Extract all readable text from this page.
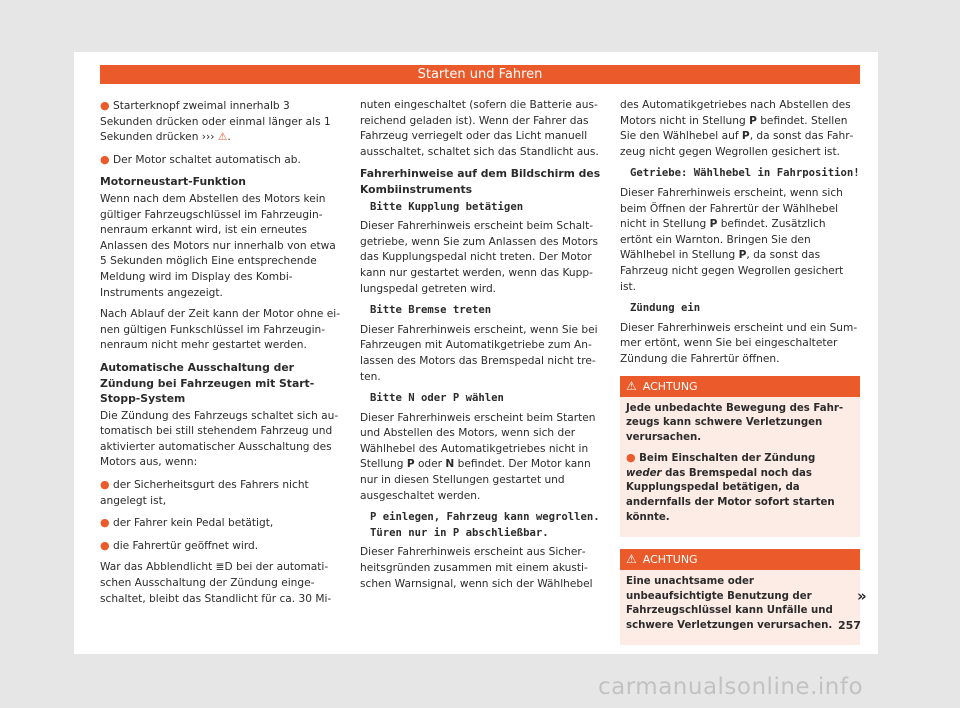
Starten und Fahren

● Starterknopf zweimal innerhalb 3 Sekunden drücken oder einmal länger als 1 Sekunden drücken ››› ⚠.

● Der Motor schaltet automatisch ab.

Motorneustart-Funktion

Wenn nach dem Abstellen des Motors kein gültiger Fahrzeugschlüssel im Fahrzeuginnenraum erkannt wird, ist ein erneutes Anlassen des Motors nur innerhalb von etwa 5 Sekunden möglich Eine entsprechende Meldung wird im Display des Kombi-Instruments angezeigt.

Nach Ablauf der Zeit kann der Motor ohne einen gültigen Funkschlüssel im Fahrzeuginnenraum nicht mehr gestartet werden.

Automatische Ausschaltung der Zündung bei Fahrzeugen mit Start-Stopp-System

Die Zündung des Fahrzeugs schaltet sich automatisch bei still stehendem Fahrzeug und aktivierter automatischer Ausschaltung des Motors aus, wenn:

● der Sicherheitsgurt des Fahrers nicht angelegt ist,

● der Fahrer kein Pedal betätigt,

● die Fahrertür geöffnet wird.

War das Abblendlicht ≣D bei der automatischen Ausschaltung der Zündung eingeschaltet, bleibt das Standlicht für ca. 30 Mi-

nuten eingeschaltet (sofern die Batterie ausreichend geladen ist). Wenn der Fahrer das Fahrzeug verriegelt oder das Licht manuell ausschaltet, schaltet sich das Standlicht aus.

Fahrerhinweise auf dem Bildschirm des Kombiinstruments
Bitte Kupplung betätigen

Dieser Fahrerhinweis erscheint beim Schaltgetriebe, wenn Sie zum Anlassen des Motors das Kupplungspedal nicht treten. Der Motor kann nur gestartet werden, wenn das Kupplungspedal getreten wird.

Bitte Bremse treten

Dieser Fahrerhinweis erscheint, wenn Sie bei Fahrzeugen mit Automatikgetriebe zum Anlassen des Motors das Bremspedal nicht treten.

Bitte N oder P wählen

Dieser Fahrerhinweis erscheint beim Starten und Abstellen des Motors, wenn sich der Wählhebel des Automatikgetriebes nicht in Stellung P oder N befindet. Der Motor kann nur in diesen Stellungen gestartet und ausgeschaltet werden.

P einlegen, Fahrzeug kann wegrollen. Türen nur in P abschließbar.

Dieser Fahrerhinweis erscheint aus Sicherheitsgründen zusammen mit einem akustischen Warnsignal, wenn sich der Wählhebel

des Automatikgetriebes nach Abstellen des Motors nicht in Stellung P befindet. Stellen Sie den Wählhebel auf P, da sonst das Fahrzeug nicht gegen Wegrollen gesichert ist.

Getriebe: Wählhebel in Fahrposition!

Dieser Fahrerhinweis erscheint, wenn sich beim Öffnen der Fahrertür der Wählhebel nicht in Stellung P befindet. Zusätzlich ertönt ein Warnton. Bringen Sie den Wählhebel in Stellung P, da sonst das Fahrzeug nicht gegen Wegrollen gesichert ist.

Zündung ein

Dieser Fahrerhinweis erscheint und ein Summer ertönt, wenn Sie bei eingeschalteter Zündung die Fahrertür öffnen.

⚠ ACHTUNG

Jede unbedachte Bewegung des Fahrzeugs kann schwere Verletzungen verursachen.

● Beim Einschalten der Zündung weder das Bremspedal noch das Kupplungspedal betätigen, da andernfalls der Motor sofort starten könnte.

⚠ ACHTUNG

Eine unachtsame oder unbeaufsichtigte Benutzung der Fahrzeugschlüssel kann Unfälle und schwere Verletzungen verursachen.

»
257
carmanualsonline.info
